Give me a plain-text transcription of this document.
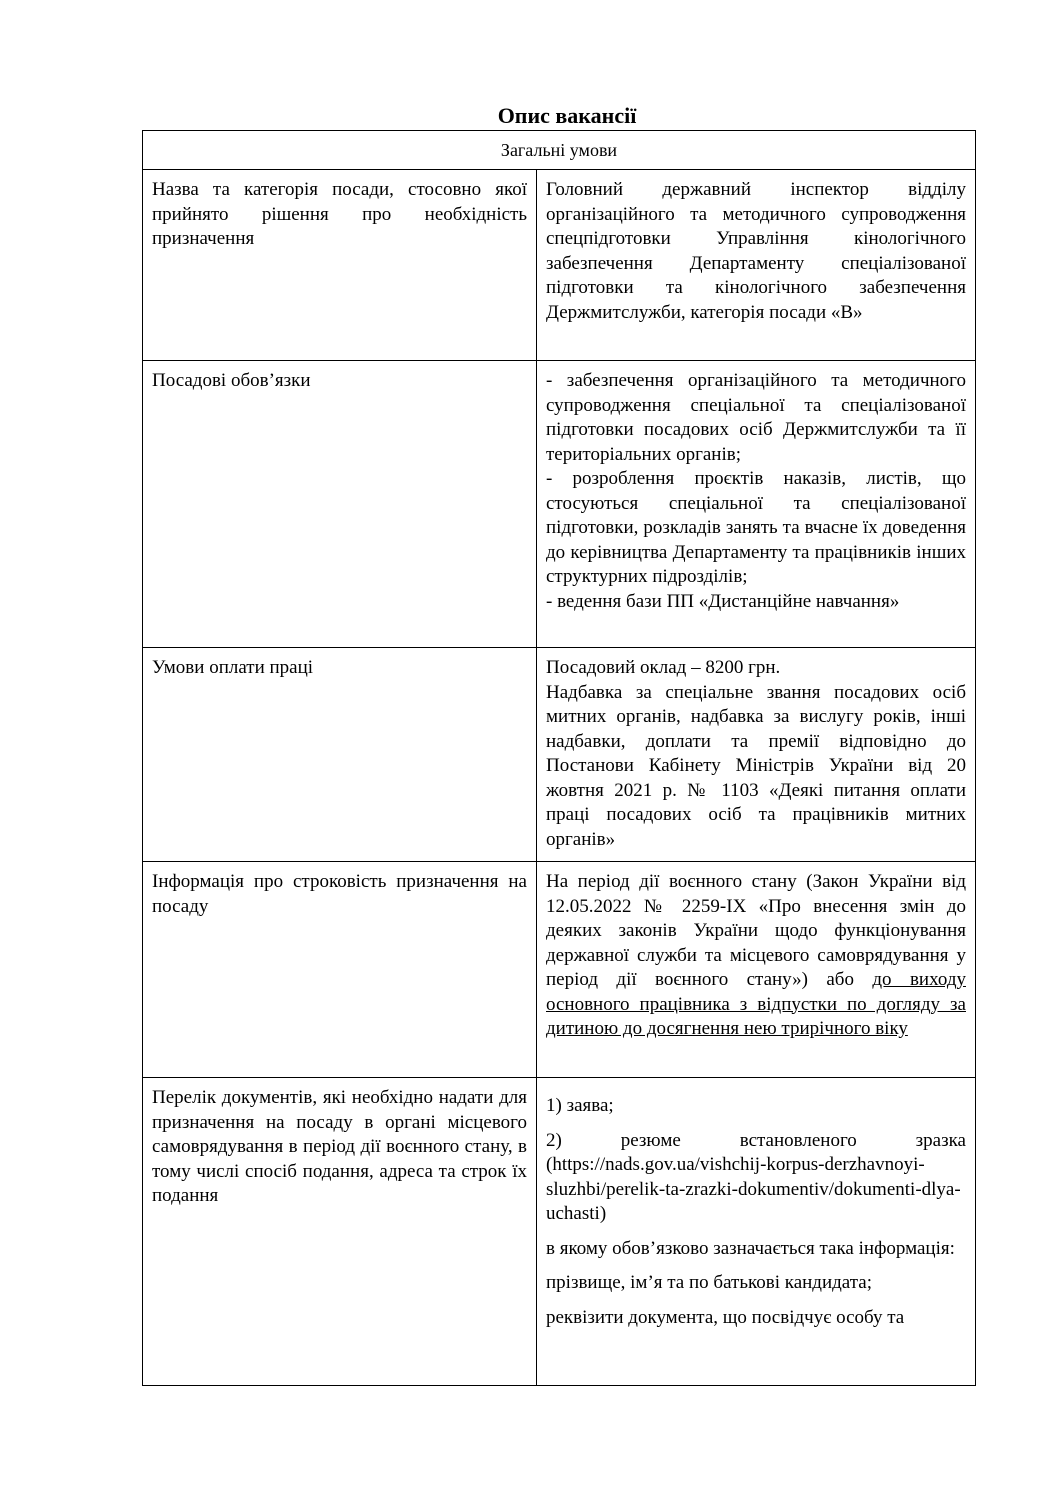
Опис вакансії
Загальні умови	
Назва та категорія посади, стосовно якої прийнято рішення про необхідність призначення	Головний державний інспектор відділу організаційного та методичного супроводження спецпідготовки Управління кінологічного забезпечення Департаменту спеціалізованої підготовки та кінологічного забезпечення Держмитслужби, категорія посади «В»
Посадові обов’язки	- забезпечення організаційного та методичного супроводження спеціальної та спеціалізованої підготовки посадових осіб Держмитслужби та її територіальних органів;
- розроблення проєктів наказів, листів, що стосуються спеціальної та спеціалізованої підготовки, розкладів занять та вчасне їх доведення до керівництва Департаменту та працівників інших структурних підрозділів;
- ведення бази ПП «Дистанційне навчання»

Умови оплати праці	Посадовий оклад – 8200 грн.
Надбавка за спеціальне звання посадових осіб митних органів, надбавка за вислугу років, інші надбавки, доплати та премії відповідно до Постанови Кабінету Міністрів України від 20 жовтня 2021 р. № 1103 «Деякі питання оплати праці посадових осіб та працівників митних органів»

Інформація про строковість призначення на посаду	На період дії воєнного стану (Закон України від 12.05.2022 № 2259-IX «Про внесення змін до деяких законів України щодо функціонування державної служби та місцевого самоврядування у період дії воєнного стану») або до виходу основного працівника з відпустки по догляду за дитиною до досягнення нею трирічного віку
Перелік документів, які необхідно надати для призначення на посаду в органі місцевого самоврядування в період дії воєнного стану, в тому числі спосіб подання, адреса та строк їх подання	1) заява;
2) резюме встановленого зразка (https://nads.gov.ua/vishchij-korpus-derzhavnoyi-sluzhbi/perelik-ta-zrazki-dokumentiv/dokumenti-dlya-uchasti)
в якому обов’язково зазначається така інформація:
прізвище, ім’я та по батькові кандидата;
реквізити документа, що посвідчує особу та
